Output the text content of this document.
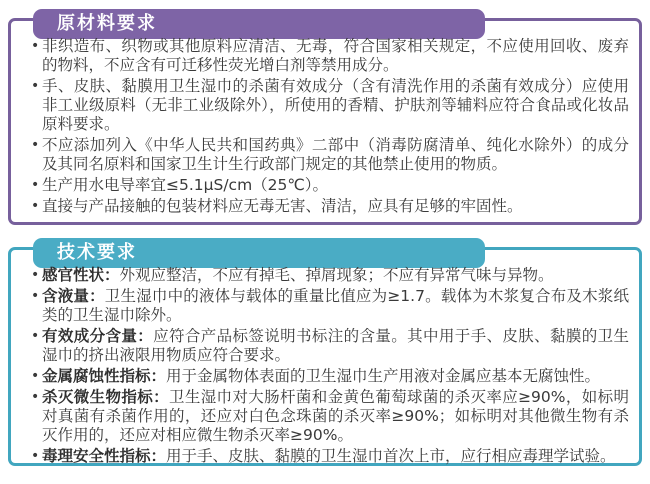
原材料要求
• 非织造布、织物或其他原料应清洁、无毒，符合国家相关规定，不应使用回收、废弃的物料，不应含有可迁移性荧光增白剂等禁用成分。
• 手、皮肤、黏膜用卫生湿巾的杀菌有效成分（含有清洗作用的杀菌有效成分）应使用非工业级原料（无非工业级除外），所使用的香精、护肤剂等辅料应符合食品或化妆品原料要求。
• 不应添加列入《中华人民共和国药典》二部中（消毒防腐清单、纯化水除外）的成分及其同名原料和国家卫生计生行政部门规定的其他禁止使用的物质。
• 生产用水电导率宜≤5.1μS/cm（25℃）。
• 直接与产品接触的包装材料应无毒无害、清洁，应具有足够的牢固性。
技术要求
• 感官性状：外观应整洁，不应有掉毛、掉屑现象；不应有异常气味与异物。
• 含液量：卫生湿巾中的液体与载体的重量比值应为≥1.7。载体为木浆复合布及木浆纸类的卫生湿巾除外。
• 有效成分含量：应符合产品标签说明书标注的含量。其中用于手、皮肤、黏膜的卫生湿巾的挤出液限用物质应符合要求。
• 金属腐蚀性指标：用于金属物体表面的卫生湿巾生产用液对金属应基本无腐蚀性。
• 杀灭微生物指标：卫生湿巾对大肠杆菌和金黄色葡萄球菌的杀灭率应≥90%，如标明对真菌有杀菌作用的，还应对白色念珠菌的杀灭率≥90%；如标明对其他微生物有杀灭作用的，还应对相应微生物杀灭率≥90%。
• 毒理安全性指标：用于手、皮肤、黏膜的卫生湿巾首次上市，应行相应毒理学试验。
